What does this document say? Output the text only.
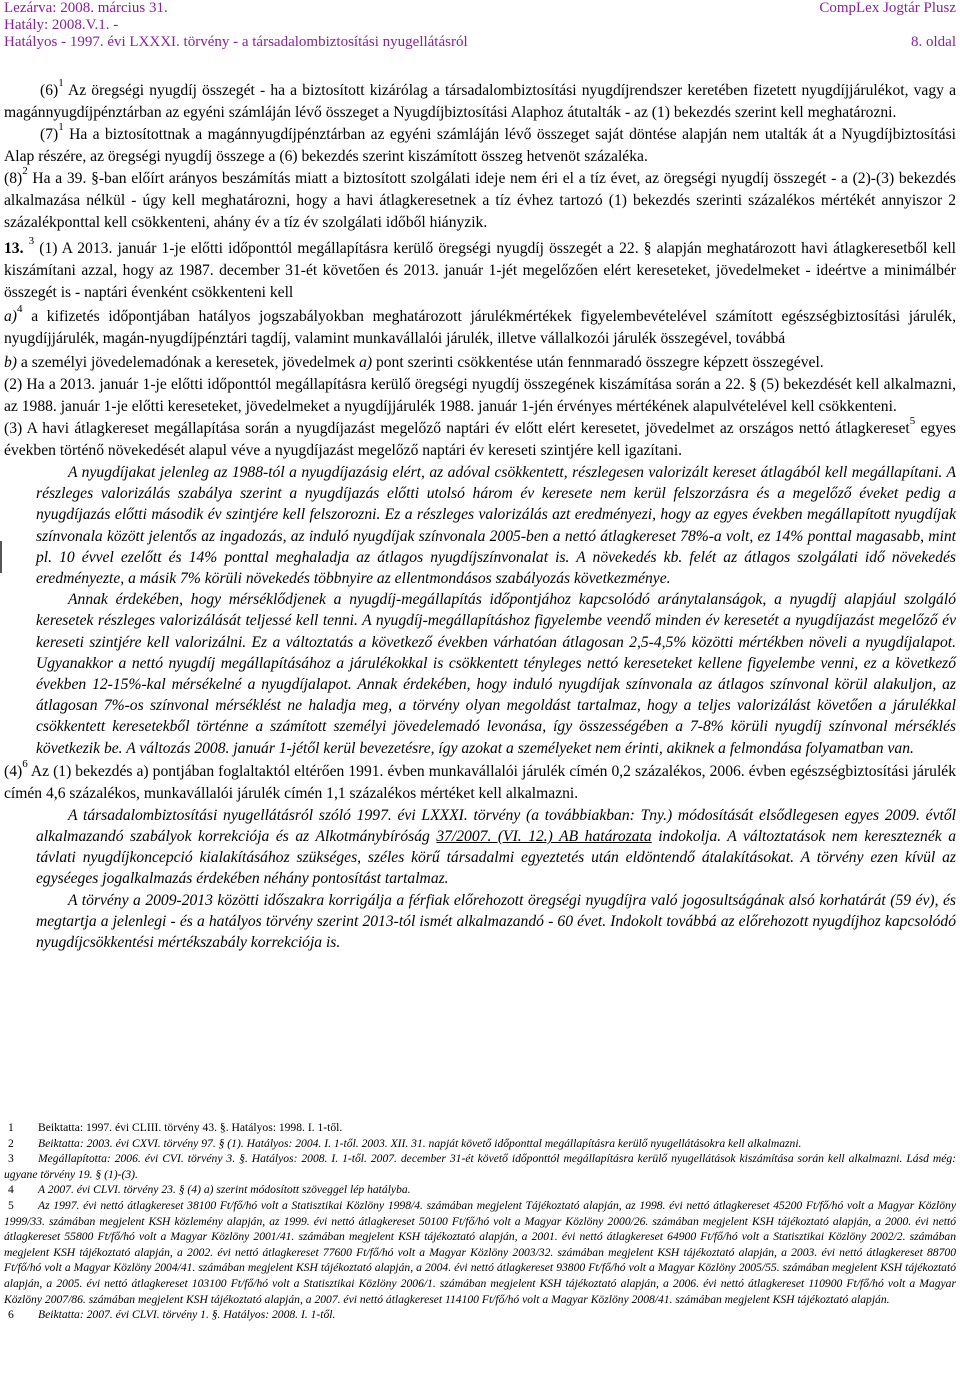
Lezárva: 2008. március 31.
Hatály: 2008.V.1. -
Hatályos - 1997. évi LXXXI. törvény - a társadalombiztosítási nyugellátásról
CompLex Jogtár Plusz
8. oldal

$(6)^1$ Az öregségi nyugdíj összegét - ha a biztosított kizárólag a társadalombiztosítási nyugdíjrendszer keretében fizetett nyugdíjjárulékot, vagy a magánnyugdíjpénztárban az egyéni számláján lévő összeget a Nyugdíjbiztosítási Alaphoz átutalták - az (1) bekezdés szerint kell meghatározni.

$(7)^1$ Ha a biztosítottnak a magánnyugdíjpénztárban az egyéni számláján lévő összeget saját döntése alapján nem utalták át a Nyugdíjbiztosítási Alap részére, az öregségi nyugdíj összege a (6) bekezdés szerint kiszámított összeg hetvenöt százaléka.

$(8)^2$ Ha a 39. §-ban előírt arányos beszámítás miatt a biztosított szolgálati ideje nem éri el a tíz évet, az öregségi nyugdíj összegét - a (2)-(3) bekezdés alkalmazása nélkül - úgy kell meghatározni, hogy a havi átlagkeresetnek a tíz évhez tartozó (1) bekezdés szerinti százalékos mértékét annyiszor 2 százalékponttal kell csökkenteni, ahány év a tíz év szolgálati időből hiányzik.

13. $^3$ (1) A 2013. január 1-je előtti időponttól megállapításra kerülő öregségi nyugdíj összegét a 22. § alapján meghatározott havi átlagkeresetből kell kiszámítani azzal, hogy az 1987. december 31-ét követően és 2013. január 1-jét megelőzően elért kereseteket, jövedelmeket - ideértve a minimálbér összegét is - naptári évenként csökkenteni kell

a)$^4$ a kifizetés időpontjában hatályos jogszabályokban meghatározott járulékmértékek figyelembevételével számított egészségbiztosítási járulék, nyugdíjjárulék, magán-nyugdíjpénztári tagdíj, valamint munkavállalói járulék, illetve vállalkozói járulék összegével, továbbá

b) a személyi jövedelemadónak a keresetek, jövedelmek a) pont szerinti csökkentése után fennmaradó összegre képzett összegével.

(2) Ha a 2013. január 1-je előtti időponttól megállapításra kerülő öregségi nyugdíj összegének kiszámítása során a 22. § (5) bekezdését kell alkalmazni, az 1988. január 1-je előtti kereseteket, jövedelmeket a nyugdíjjárulék 1988. január 1-jén érvényes mértékének alapulvételével kell csökkenteni.

(3) A havi átlagkereset megállapítása során a nyugdíjazást megelőző naptári év előtt elért keresetet, jövedelmet az országos nettó átlagkereset$^5$ egyes években történő növekedését alapul véve a nyugdíjazást megelőző naptári év kereseti szintjére kell igazítani.

A nyugdíjakat jelenleg az 1988-tól a nyugdíjazásig elért, az adóval csökkentett, részlegesen valorizált kereset átlagából kell megállapítani. A részleges valorizálás szabálya szerint a nyugdíjazás előtti utolsó három év keresete nem kerül felszorzásra és a megelőző éveket pedig a nyugdíjazás előtti második év szintjére kell felszorozni. Ez a részleges valorizálás azt eredményezi, hogy az egyes években megállapított nyugdíjak színvonala között jelentős az ingadozás, az induló nyugdíjak színvonala 2005-ben a nettó átlagkereset 78%-a volt, ez 14% ponttal magasabb, mint pl. 10 évvel ezelőtt és 14% ponttal meghaladja az átlagos nyugdíjszínvonalat is. A növekedés kb. felét az átlagos szolgálati idő növekedés eredményezte, a másik 7% körüli növekedés többnyire az ellentmondásos szabályozás következménye.

Annak érdekében, hogy mérséklődjenek a nyugdíj-megállapítás időpontjához kapcsolódó aránytalanságok, a nyugdíj alapjául szolgáló keresetek részleges valorizálását teljessé kell tenni. A nyugdíj-megállapításhoz figyelembe veendő minden év keresetét a nyugdíjazást megelőző év kereseti szintjére kell valorizálni. Ez a változtatás a következő években várhatóan átlagosan 2,5-4,5% közötti mértékben növeli a nyugdíjalapot. Ugyanakkor a nettó nyugdíj megállapításához a járulékokkal is csökkentett tényleges nettó kereseteket kellene figyelembe venni, ez a következő években 12-15%-kal mérsékelné a nyugdíjalapot. Annak érdekében, hogy induló nyugdíjak színvonala az átlagos színvonal körül alakuljon, az átlagosan 7%-os színvonal mérséklést ne haladja meg, a törvény olyan megoldást tartalmaz, hogy a teljes valorizálást követően a járulékkal csökkentett keresetekből történne a számított személyi jövedelemadó levonása, így összességében a 7-8% körüli nyugdíj színvonal mérséklés következik be. A változás 2008. január 1-jétől kerül bevezetésre, így azokat a személyeket nem érinti, akiknek a felmondása folyamatban van.

$(4)^6$ Az (1) bekezdés a) pontjában foglaltaktól eltérően 1991. évben munkavállalói járulék címén 0,2 százalékos, 2006. évben egészségbiztosítási járulék címén 4,6 százalékos, munkavállalói járulék címén 1,1 százalékos mértéket kell alkalmazni.

A társadalombiztosítási nyugellátásról szóló 1997. évi LXXXI. törvény (a továbbiakban: Tny.) módosítását elsődlegesen egyes 2009. évtől alkalmazandó szabályok korrekciója és az Alkotmánybíróság 37/2007. (VI. 12.) AB határozata indokolja. A változtatások nem kereszteznék a távlati nyugdíjkoncepció kialakításához szükséges, széles körű társadalmi egyeztetés után eldöntendő átalakításokat. A törvény ezen kívül az egyséeges jogalkalmazás érdekében néhány pontosítást tartalmaz.

A törvény a 2009-2013 közötti időszakra korrigálja a férfiak előrehozott öregségi nyugdíjra való jogosultságának alsó korhatárát (59 év), és megtartja a jelenlegi - és a hatályos törvény szerint 2013-tól ismét alkalmazandó - 60 évet. Indokolt továbbá az előrehozott nyugdíjhoz kapcsolódó nyugdíjcsökkentési mértékszabály korrekciója is.

1 Beiktatta: 1997. évi CLIII. törvény 43. §. Hatályos: 1998. I. 1-től.

2 Beiktatta: 2003. évi CXVI. törvény 97. § (1). Hatályos: 2004. I. 1-től. 2003. XII. 31. napját követő időponttal megállapításra kerülő nyugellátásokra kell alkalmazni.

3 Megállapította: 2006. évi CVI. törvény 3. §. Hatályos: 2008. I. 1-től. 2007. december 31-ét követő időponttól megállapításra kerülő nyugellátások kiszámítása során kell alkalmazni. Lásd még: ugyane törvény 19. § (1)-(3).

4 A 2007. évi CLVI. törvény 23. § (4) a) szerint módosított szöveggel lép hatályba.

5 Az 1997. évi nettó átlagkereset 38100 Ft/fő/hó volt a Statisztikai Közlöny 1998/4. számában megjelent Tájékoztató alapján, az 1998. évi nettó átlagkereset 45200 Ft/fő/hó volt a Magyar Közlöny 1999/33. számában megjelent KSH közlemény alapján, az 1999. évi nettó átlagkereset 50100 Ft/fő/hó volt a Magyar Közlöny 2000/26. számában megjelent KSH tájékoztató alapján, a 2000. évi nettó átlagkereset 55800 Ft/fő/hó volt a Magyar Közlöny 2001/41. számában megjelent KSH tájékoztató alapján, a 2001. évi nettó átlagkereset 64900 Ft/fő/hó volt a Statisztikai Közlöny 2002/2. számában megjelent KSH tájékoztató alapján, a 2002. évi nettó átlagkereset 77600 Ft/fő/hó volt a Magyar Közlöny 2003/32. számában megjelent KSH tájékoztató alapján, a 2003. évi nettó átlagkereset 88700 Ft/fő/hó volt a Magyar Közlöny 2004/41. számában megjelent KSH tájékoztató alapján, a 2004. évi nettó átlagkereset 93800 Ft/fő/hó volt a Magyar Közlöny 2005/55. számában megjelent KSH tájékoztató alapján, a 2005. évi nettó átlagkereset 103100 Ft/fő/hó volt a Statisztikai Közlöny 2006/1. számában megjelent KSH tájékoztató alapján, a 2006. évi nettó átlagkereset 110900 Ft/fő/hó volt a Magyar Közlöny 2007/86. számában megjelent KSH tájékoztató alapján, a 2007. évi nettó átlagkereset 114100 Ft/fő/hó volt a Magyar Közlöny 2008/41. számában megjelent KSH tájékoztató alapján.

6 Beiktatta: 2007. évi CLVI. törvény 1. §. Hatályos: 2008. I. 1-től.
